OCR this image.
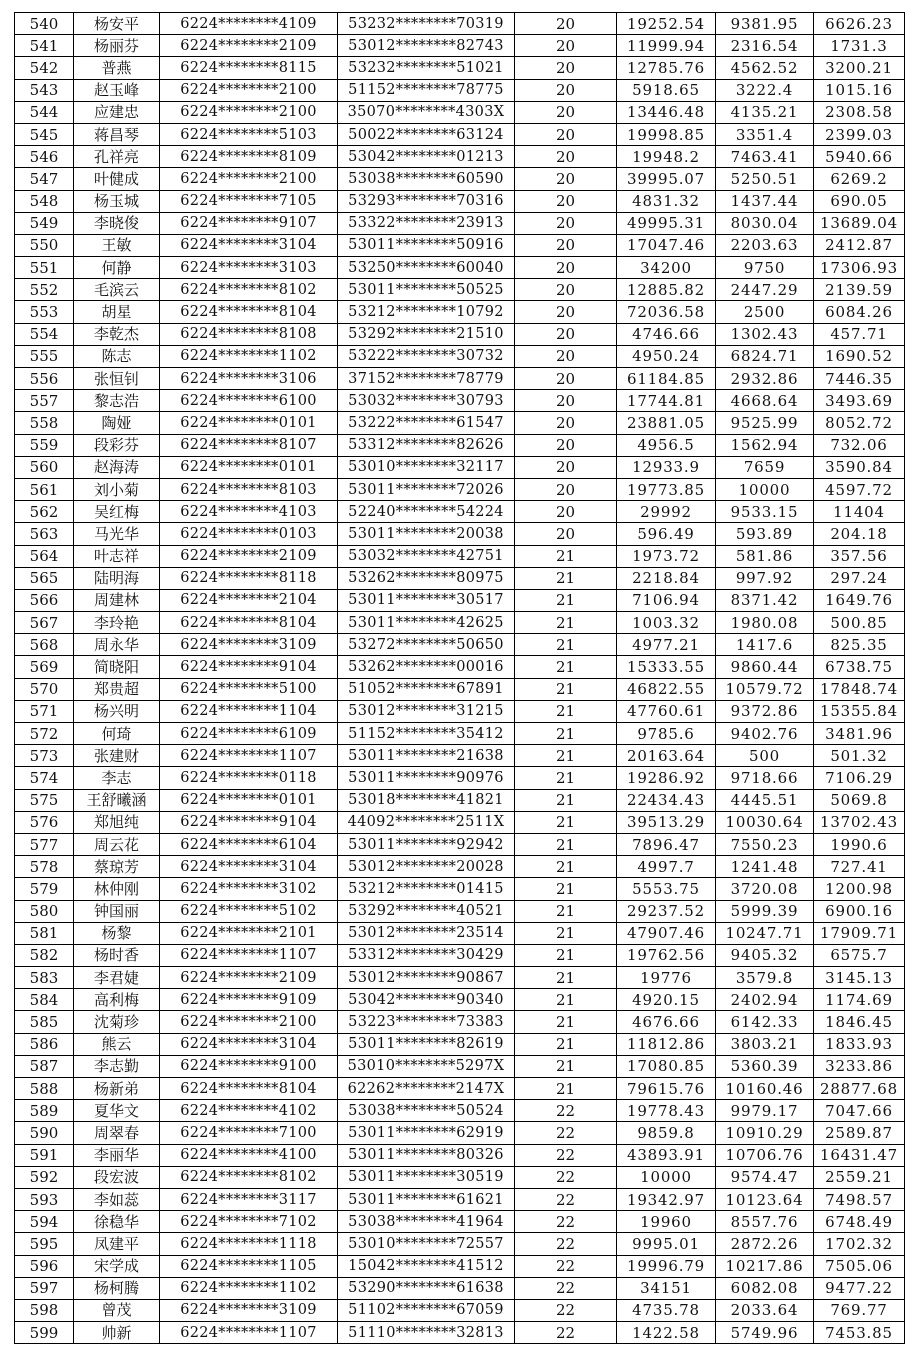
540	杨安平	6224********4109	53232********70319	20	19252.54	9381.95	6626.23
541	杨丽芬	6224********2109	53012********82743	20	11999.94	2316.54	1731.3
542	普燕	6224********8115	53232********51021	20	12785.76	4562.52	3200.21
543	赵玉峰	6224********2100	51152********78775	20	5918.65	3222.4	1015.16
544	应建忠	6224********2100	35070********4303X	20	13446.48	4135.21	2308.58
545	蒋昌琴	6224********5103	50022********63124	20	19998.85	3351.4	2399.03
546	孔祥亮	6224********8109	53042********01213	20	19948.2	7463.41	5940.66
547	叶健成	6224********2100	53038********60590	20	39995.07	5250.51	6269.2
548	杨玉城	6224********7105	53293********70316	20	4831.32	1437.44	690.05
549	李晓俊	6224********9107	53322********23913	20	49995.31	8030.04	13689.04
550	王敏	6224********3104	53011********50916	20	17047.46	2203.63	2412.87
551	何静	6224********3103	53250********60040	20	34200	9750	17306.93
552	毛滨云	6224********8102	53011********50525	20	12885.82	2447.29	2139.59
553	胡星	6224********8104	53212********10792	20	72036.58	2500	6084.26
554	李乾杰	6224********8108	53292********21510	20	4746.66	1302.43	457.71
555	陈志	6224********1102	53222********30732	20	4950.24	6824.71	1690.52
556	张恒钊	6224********3106	37152********78779	20	61184.85	2932.86	7446.35
557	黎志浩	6224********6100	53032********30793	20	17744.81	4668.64	3493.69
558	陶娅	6224********0101	53222********61547	20	23881.05	9525.99	8052.72
559	段彩芬	6224********8107	53312********82626	20	4956.5	1562.94	732.06
560	赵海涛	6224********0101	53010********32117	20	12933.9	7659	3590.84
561	刘小菊	6224********8103	53011********72026	20	19773.85	10000	4597.72
562	吴红梅	6224********4103	52240********54224	20	29992	9533.15	11404
563	马光华	6224********0103	53011********20038	20	596.49	593.89	204.18
564	叶志祥	6224********2109	53032********42751	21	1973.72	581.86	357.56
565	陆明海	6224********8118	53262********80975	21	2218.84	997.92	297.24
566	周建林	6224********2104	53011********30517	21	7106.94	8371.42	1649.76
567	李玲艳	6224********8104	53011********42625	21	1003.32	1980.08	500.85
568	周永华	6224********3109	53272********50650	21	4977.21	1417.6	825.35
569	简晓阳	6224********9104	53262********00016	21	15333.55	9860.44	6738.75
570	郑贵超	6224********5100	51052********67891	21	46822.55	10579.72	17848.74
571	杨兴明	6224********1104	53012********31215	21	47760.61	9372.86	15355.84
572	何琦	6224********6109	51152********35412	21	9785.6	9402.76	3481.96
573	张建财	6224********1107	53011********21638	21	20163.64	500	501.32
574	李志	6224********0118	53011********90976	21	19286.92	9718.66	7106.29
575	王舒曦涵	6224********0101	53018********41821	21	22434.43	4445.51	5069.8
576	郑旭纯	6224********9104	44092********2511X	21	39513.29	10030.64	13702.43
577	周云花	6224********6104	53011********92942	21	7896.47	7550.23	1990.6
578	蔡琼芳	6224********3104	53012********20028	21	4997.7	1241.48	727.41
579	林仲刚	6224********3102	53212********01415	21	5553.75	3720.08	1200.98
580	钟国丽	6224********5102	53292********40521	21	29237.52	5999.39	6900.16
581	杨黎	6224********2101	53012********23514	21	47907.46	10247.71	17909.71
582	杨时香	6224********1107	53312********30429	21	19762.56	9405.32	6575.7
583	李君婕	6224********2109	53012********90867	21	19776	3579.8	3145.13
584	高利梅	6224********9109	53042********90340	21	4920.15	2402.94	1174.69
585	沈菊珍	6224********2100	53223********73383	21	4676.66	6142.33	1846.45
586	熊云	6224********3104	53011********82619	21	11812.86	3803.21	1833.93
587	李志勤	6224********9100	53010********5297X	21	17080.85	5360.39	3233.86
588	杨新弟	6224********8104	62262********2147X	21	79615.76	10160.46	28877.68
589	夏华文	6224********4102	53038********50524	22	19778.43	9979.17	7047.66
590	周翠春	6224********7100	53011********62919	22	9859.8	10910.29	2589.87
591	李丽华	6224********4100	53011********80326	22	43893.91	10706.76	16431.47
592	段宏波	6224********8102	53011********30519	22	10000	9574.47	2559.21
593	李如蕊	6224********3117	53011********61621	22	19342.97	10123.64	7498.57
594	徐稳华	6224********7102	53038********41964	22	19960	8557.76	6748.49
595	凤建平	6224********1118	53010********72557	22	9995.01	2872.26	1702.32
596	宋学成	6224********1105	15042********41512	22	19996.79	10217.86	7505.06
597	杨柯腾	6224********1102	53290********61638	22	34151	6082.08	9477.22
598	曾茂	6224********3109	51102********67059	22	4735.78	2033.64	769.77
599	帅新	6224********1107	51110********32813	22	1422.58	5749.96	7453.85
